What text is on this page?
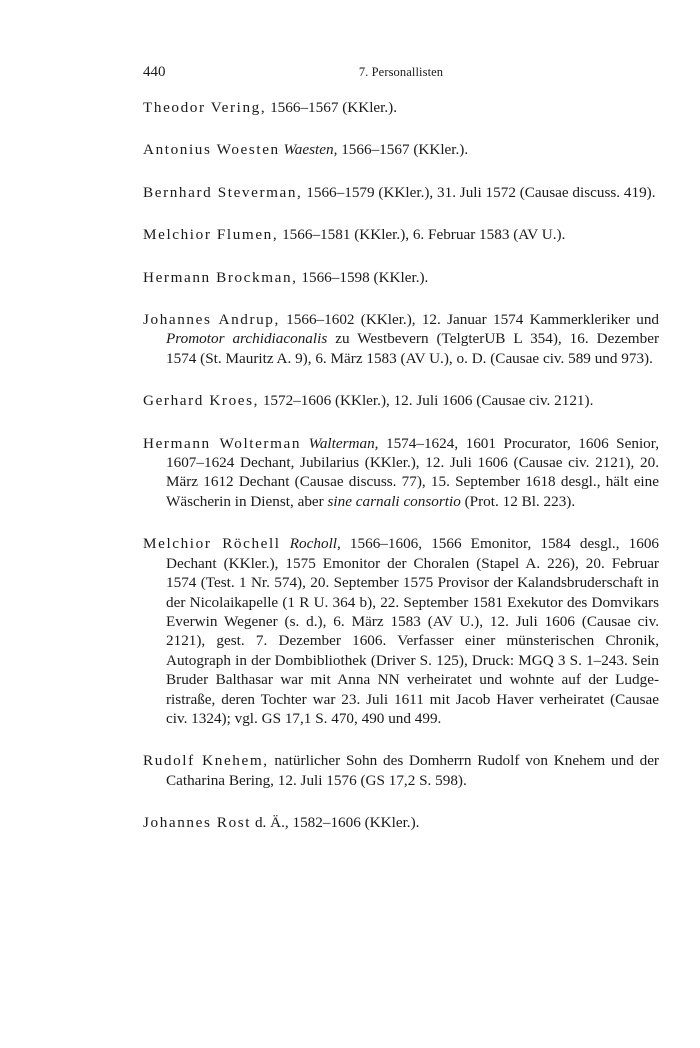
440	7. Personallisten

Theodor Vering, 1566–1567 (KKler.).

Antonius Woesten Waesten, 1566–1567 (KKler.).

Bernhard Steverman, 1566–1579 (KKler.), 31. Juli 1572 (Causae discuss. 419).

Melchior Flumen, 1566–1581 (KKler.), 6. Februar 1583 (AV U.).

Hermann Brockman, 1566–1598 (KKler.).

Johannes Andrup, 1566–1602 (KKler.), 12. Januar 1574 Kammerkleriker und Promotor archidiaconalis zu Westbevern (TelgterUB L 354), 16. Dezember 1574 (St. Mauritz A. 9), 6. März 1583 (AV U.), o. D. (Causae civ. 589 und 973).

Gerhard Kroes, 1572–1606 (KKler.), 12. Juli 1606 (Causae civ. 2121).

Hermann Wolterman Walterman, 1574–1624, 1601 Procurator, 1606 Senior, 1607–1624 Dechant, Jubilarius (KKler.), 12. Juli 1606 (Causae civ. 2121), 20. März 1612 Dechant (Causae discuss. 77), 15. September 1618 desgl., hält eine Wäscherin in Dienst, aber sine carnali consortio (Prot. 12 Bl. 223).

Melchior Röchell Rocholl, 1566–1606, 1566 Emonitor, 1584 desgl., 1606 Dechant (KKler.), 1575 Emonitor der Choralen (Stapel A. 226), 20. Februar 1574 (Test. 1 Nr. 574), 20. September 1575 Provisor der Kalandsbruderschaft in der Nicolaikapelle (1 R U. 364 b), 22. September 1581 Exekutor des Domvikars Everwin Wegener (s. d.), 6. März 1583 (AV U.), 12. Juli 1606 (Causae civ. 2121), gest. 7. Dezember 1606. Verfasser einer münsterischen Chronik, Autograph in der Dombibliothek (Driver S. 125), Druck: MGQ 3 S. 1–243. Sein Bruder Balthasar war mit Anna NN verheiratet und wohnte auf der Ludgeristraße, deren Tochter war 23. Juli 1611 mit Jacob Haver verheiratet (Causae civ. 1324); vgl. GS 17,1 S. 470, 490 und 499.

Rudolf Knehem, natürlicher Sohn des Domherrn Rudolf von Knehem und der Catharina Bering, 12. Juli 1576 (GS 17,2 S. 598).

Johannes Rost d. Ä., 1582–1606 (KKler.).
